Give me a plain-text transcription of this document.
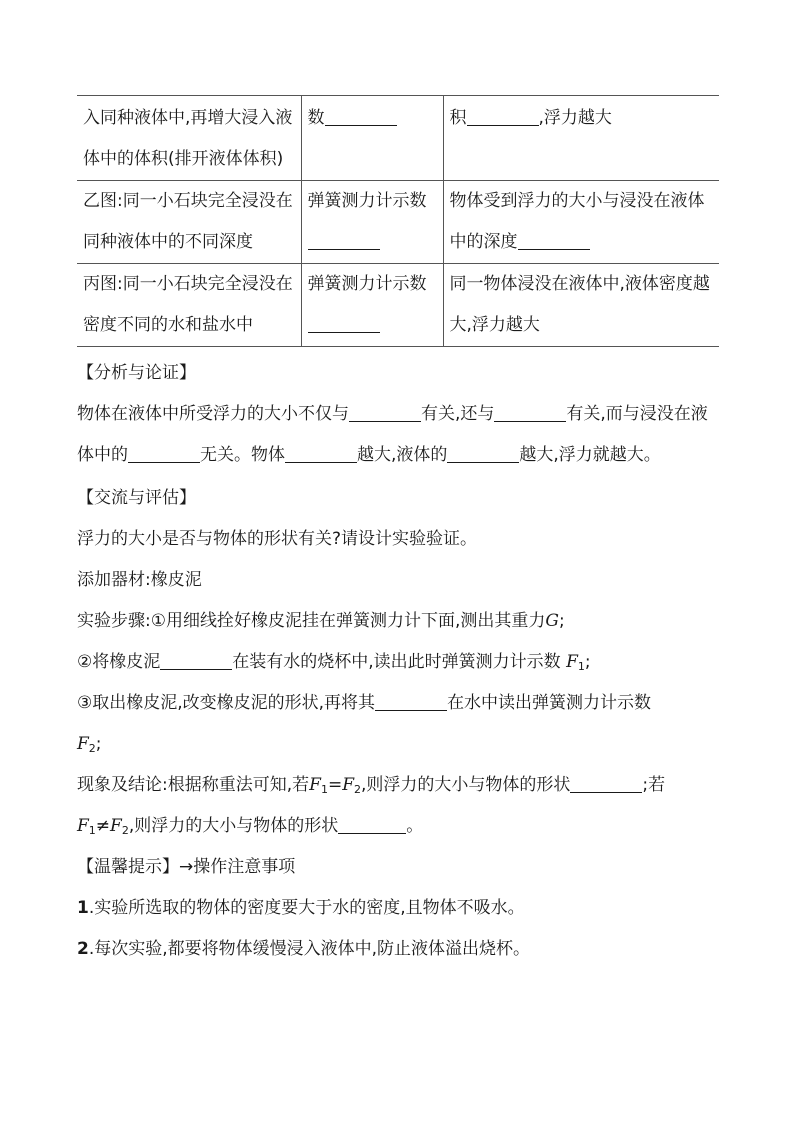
入同种液体中,再增大浸入液体中的体积(排开液体体积)	数	积 ,浮力越大
乙图:同一小石块完全浸没在同种液体中的不同深度	弹簧测力计示数	物体受到浮力的大小与浸没在液体中的深度
丙图:同一小石块完全浸没在密度不同的水和盐水中	弹簧测力计示数	同一物体浸没在液体中,液体密度越大,浮力越大

【分析与论证】

物体在液体中所受浮力的大小不仅与	有关,还与	有关,而与浸没在液体中的	无关。物体	越大,液体的	越大,浮力就越大。

【交流与评估】

浮力的大小是否与物体的形状有关?请设计实验验证。

添加器材:橡皮泥

实验步骤:①用细线拴好橡皮泥挂在弹簧测力计下面,测出其重力G;

②将橡皮泥	在装有水的烧杯中,读出此时弹簧测力计示数 $F_1$;

③取出橡皮泥,改变橡皮泥的形状,再将其	在水中读出弹簧测力计示数
$F_2$;

现象及结论:根据称重法可知,若$F_1=F_2$,则浮力的大小与物体的形状	;若
$F_1\ne F_2$,则浮力的大小与物体的形状	。

【温馨提示】→操作注意事项

1.实验所选取的物体的密度要大于水的密度,且物体不吸水。

2.每次实验,都要将物体缓慢浸入液体中,防止液体溢出烧杯。
